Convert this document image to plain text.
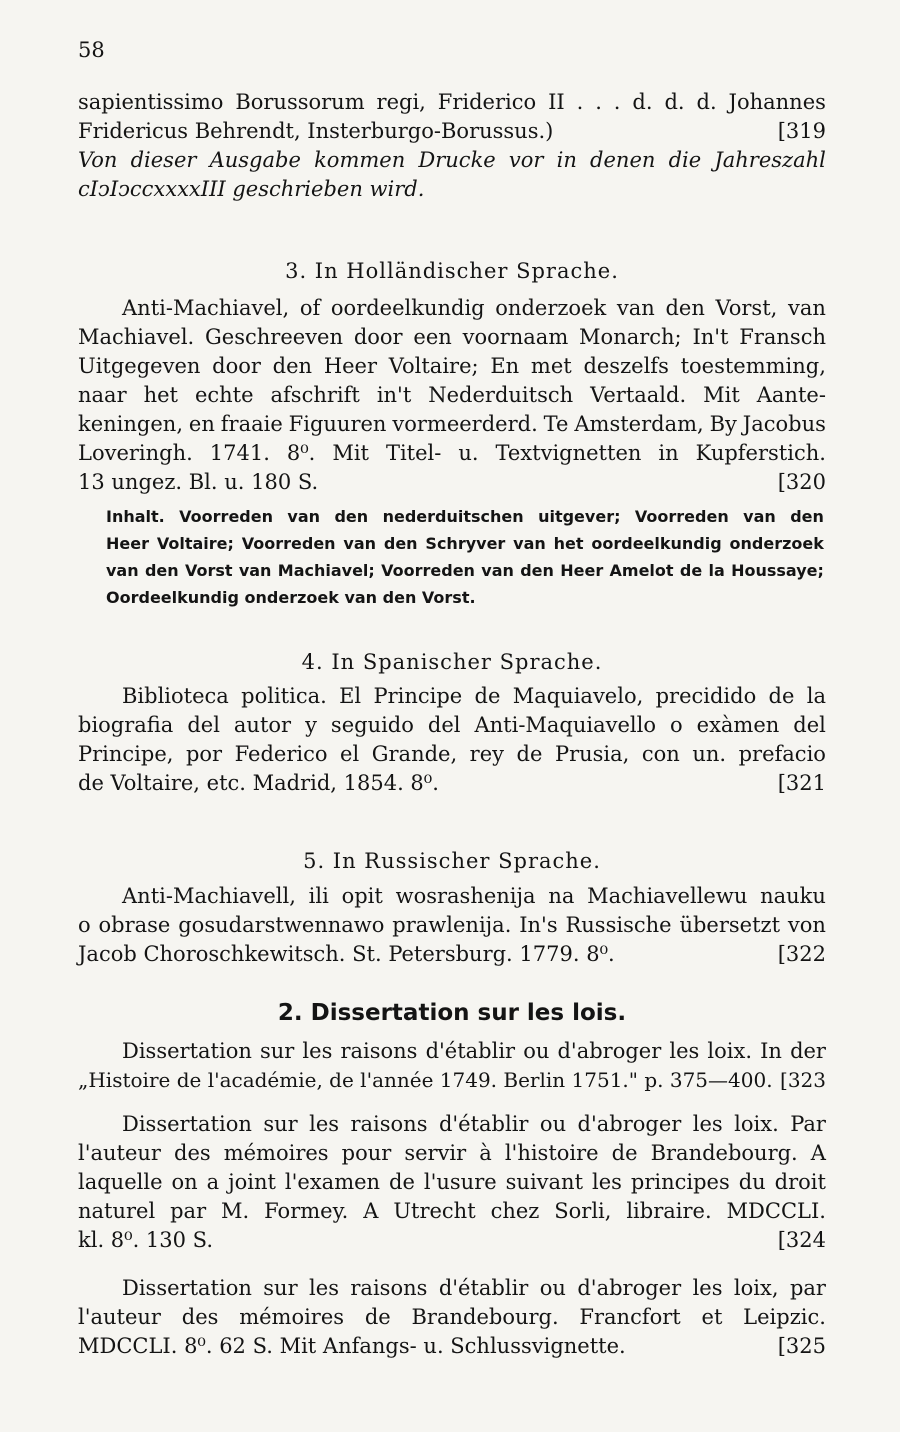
58
sapientissimo Borussorum regi, Friderico II . . . d. d. d. Johannes
Fridericus Behrendt, Insterburgo-Borussus.)	[319
Von dieser Ausgabe kommen Drucke vor in denen die Jahreszahl
cIↄIↄccxxxxIII geschrieben wird.
3. In Holländischer Sprache.
Anti-Machiavel, of oordeelkundig onderzoek van den Vorst, van
Machiavel. Geschreeven door een voornaam Monarch; In't Fransch
Uitgegeven door den Heer Voltaire; En met deszelfs toestemming,
naar het echte afschrift in't Nederduitsch Vertaald. Mit Aante-
keningen, en fraaie Figuuren vormeerderd. Te Amsterdam, By Jacobus
Loveringh. 1741. 8⁰. Mit Titel- u. Textvignetten in Kupferstich.
13 ungez. Bl. u. 180 S.	[320
Inhalt. Voorreden van den nederduitschen uitgever; Voorreden van den
Heer Voltaire; Voorreden van den Schryver van het oordeelkundig onderzoek
van den Vorst van Machiavel; Voorreden van den Heer Amelot de la Houssaye;
Oordeelkundig onderzoek van den Vorst.
4. In Spanischer Sprache.
Biblioteca politica. El Principe de Maquiavelo, precidido de la
biografia del autor y seguido del Anti-Maquiavello o exàmen del
Principe, por Federico el Grande, rey de Prusia, con un. prefacio
de Voltaire, etc. Madrid, 1854. 8⁰.	[321
5. In Russischer Sprache.
Anti-Machiavell, ili opit wosrashenija na Machiavellewu nauku
o obrase gosudarstwennawo prawlenija. In's Russische übersetzt von
Jacob Choroschkewitsch. St. Petersburg. 1779. 8⁰.	[322
2. Dissertation sur les lois.
Dissertation sur les raisons d'établir ou d'abroger les loix. In der
„Histoire de l'académie, de l'année 1749. Berlin 1751." p. 375—400. [323
Dissertation sur les raisons d'établir ou d'abroger les loix. Par
l'auteur des mémoires pour servir à l'histoire de Brandebourg. A
laquelle on a joint l'examen de l'usure suivant les principes du droit
naturel par M. Formey. A Utrecht chez Sorli, libraire. MDCCLI.
kl. 8⁰. 130 S.	[324
Dissertation sur les raisons d'établir ou d'abroger les loix, par
l'auteur des mémoires de Brandebourg. Francfort et Leipzic.
MDCCLI. 8⁰. 62 S. Mit Anfangs- u. Schlussvignette.	[325
